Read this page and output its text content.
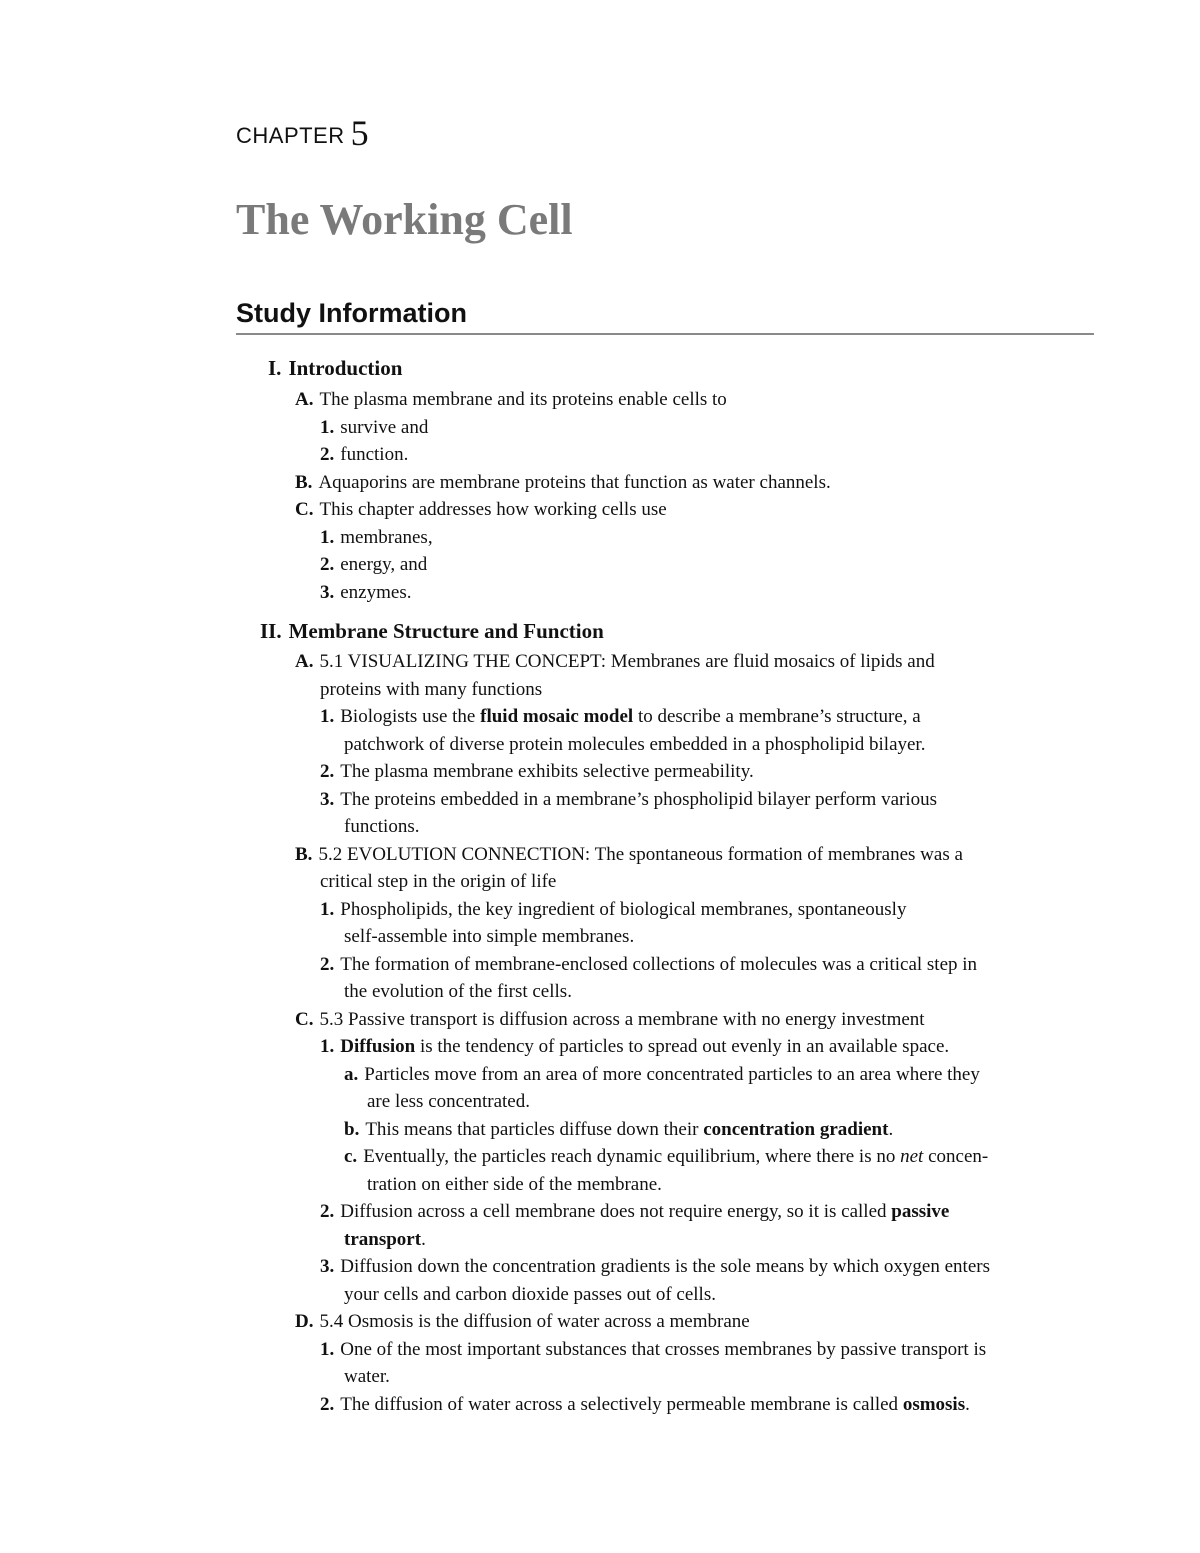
CHAPTER 5
The Working Cell
Study Information
I. Introduction
A. The plasma membrane and its proteins enable cells to
1. survive and
2. function.
B. Aquaporins are membrane proteins that function as water channels.
C. This chapter addresses how working cells use
1. membranes,
2. energy, and
3. enzymes.
II. Membrane Structure and Function
A. 5.1 VISUALIZING THE CONCEPT: Membranes are fluid mosaics of lipids and
proteins with many functions
1. Biologists use the fluid mosaic model to describe a membrane’s structure, a
patchwork of diverse protein molecules embedded in a phospholipid bilayer.
2. The plasma membrane exhibits selective permeability.
3. The proteins embedded in a membrane’s phospholipid bilayer perform various
functions.
B. 5.2 EVOLUTION CONNECTION: The spontaneous formation of membranes was a
critical step in the origin of life
1. Phospholipids, the key ingredient of biological membranes, spontaneously
self-assemble into simple membranes.
2. The formation of membrane-enclosed collections of molecules was a critical step in
the evolution of the first cells.
C. 5.3 Passive transport is diffusion across a membrane with no energy investment
1. Diffusion is the tendency of particles to spread out evenly in an available space.
a. Particles move from an area of more concentrated particles to an area where they
are less concentrated.
b. This means that particles diffuse down their concentration gradient.
c. Eventually, the particles reach dynamic equilibrium, where there is no net concen-
tration on either side of the membrane.
2. Diffusion across a cell membrane does not require energy, so it is called passive
transport.
3. Diffusion down the concentration gradients is the sole means by which oxygen enters
your cells and carbon dioxide passes out of cells.
D. 5.4 Osmosis is the diffusion of water across a membrane
1. One of the most important substances that crosses membranes by passive transport is
water.
2. The diffusion of water across a selectively permeable membrane is called osmosis.
